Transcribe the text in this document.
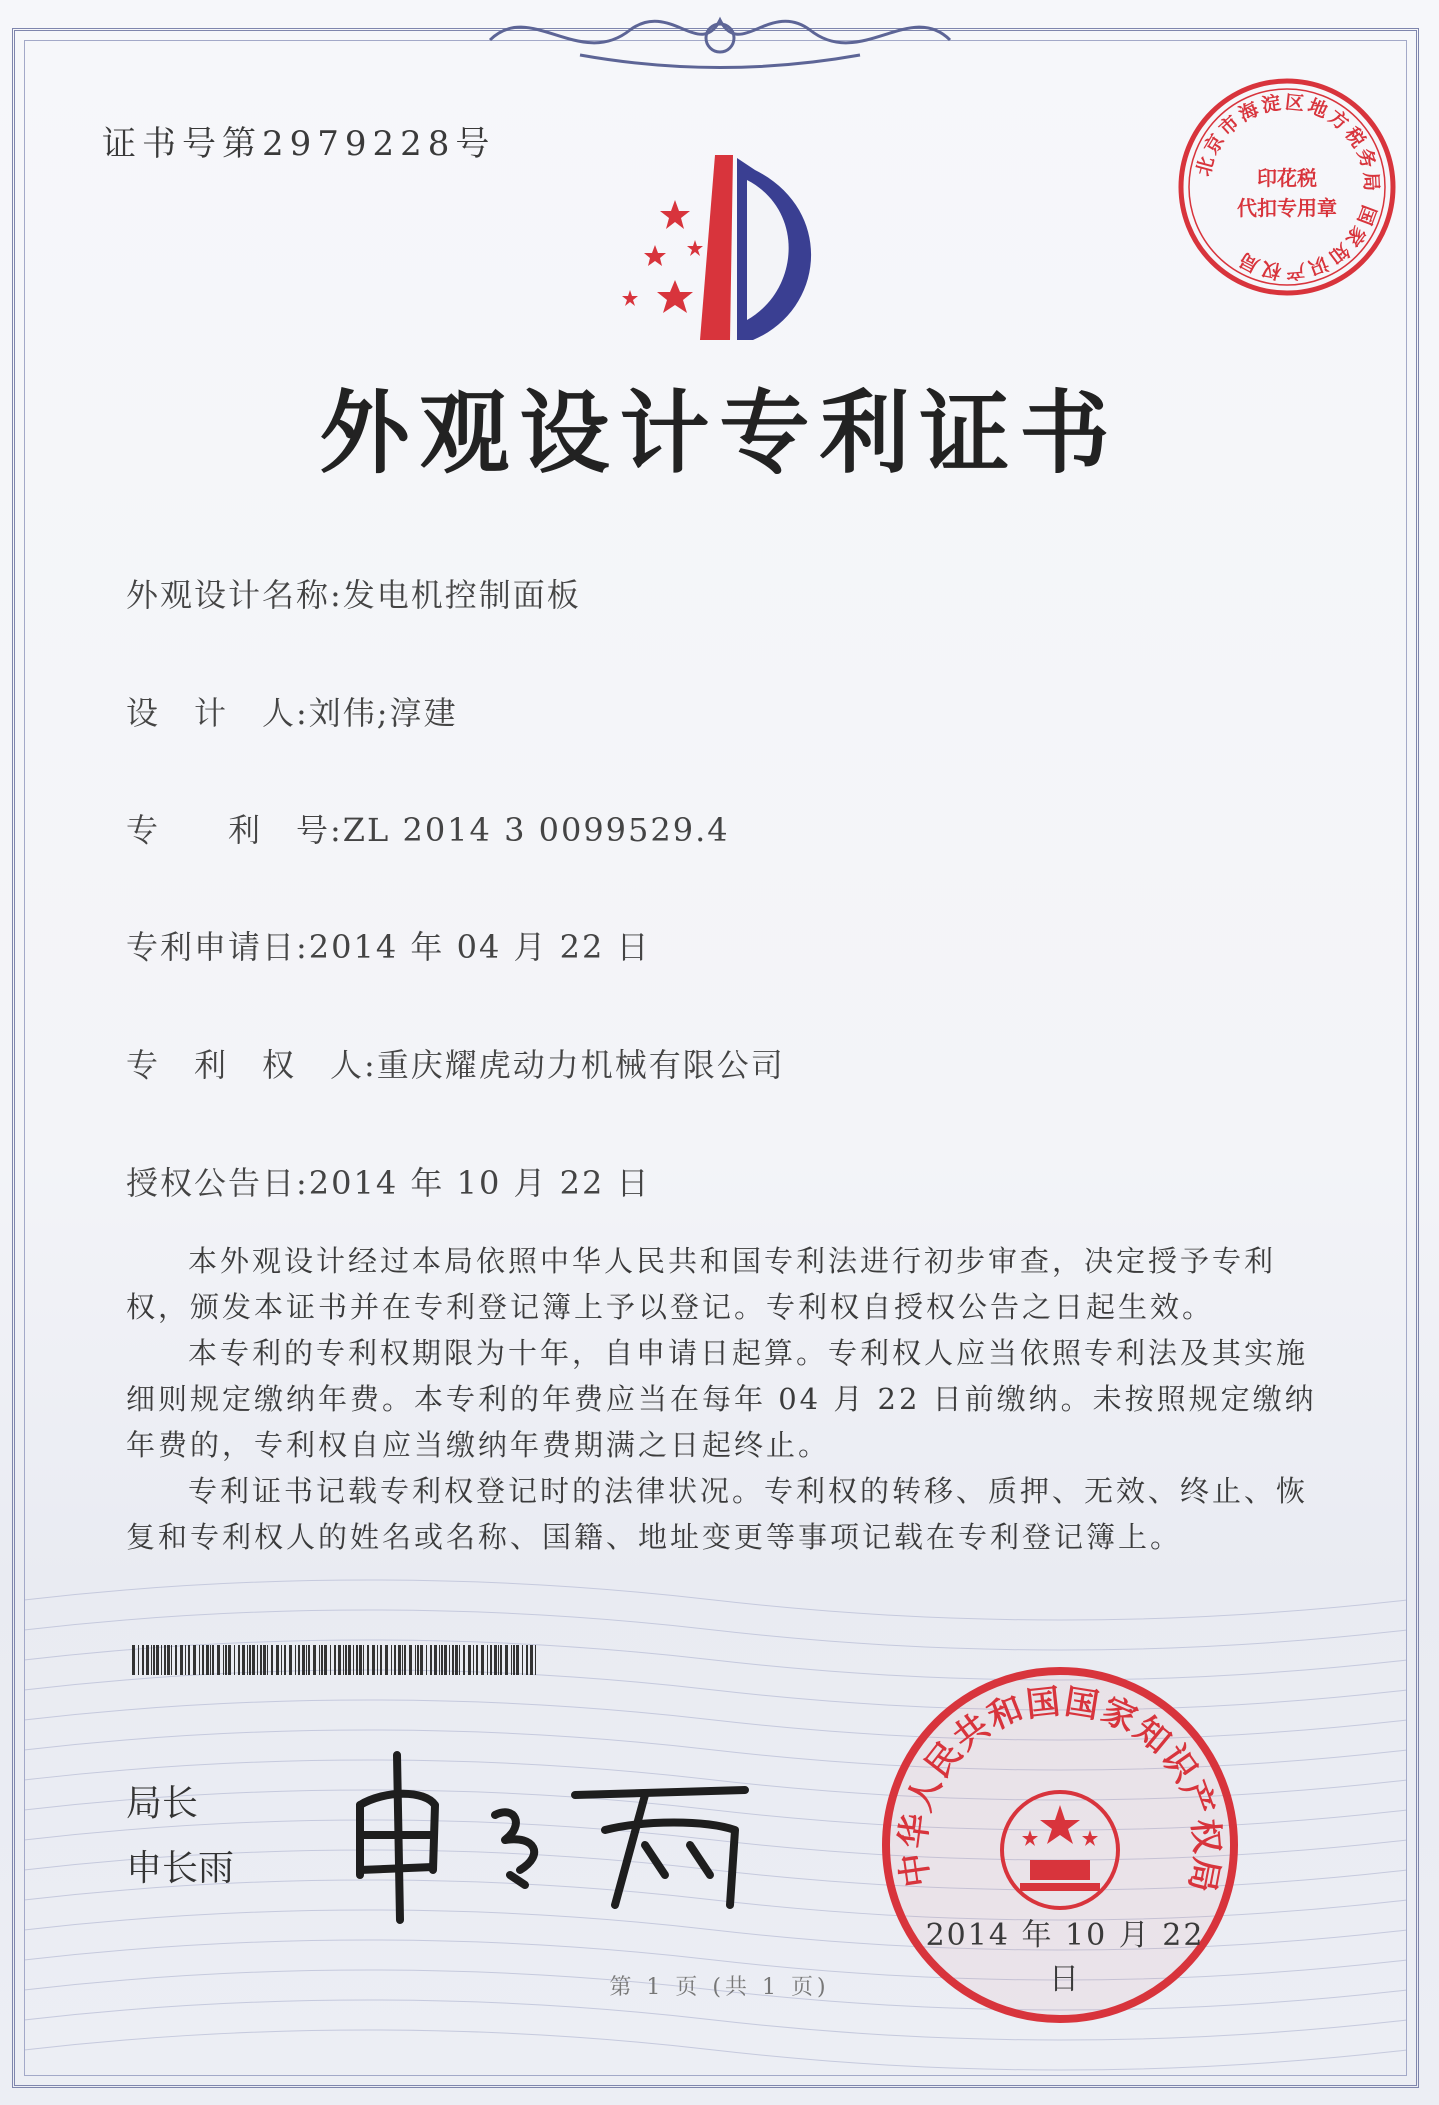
证书号第2979228号
北京市海淀区地方税务局 国家知识产权局
印花税
代扣专用章
外观设计专利证书
外观设计名称:发电机控制面板
设　计　人:刘伟;淳建
专　　利　号:ZL 2014 3 0099529.4
专利申请日:2014 年 04 月 22 日
专　利　权　人:重庆耀虎动力机械有限公司
授权公告日:2014 年 10 月 22 日

本外观设计经过本局依照中华人民共和国专利法进行初步审查，决定授予专利权，颁发本证书并在专利登记簿上予以登记。专利权自授权公告之日起生效。

本专利的专利权期限为十年，自申请日起算。专利权人应当依照专利法及其实施细则规定缴纳年费。本专利的年费应当在每年 04 月 22 日前缴纳。未按照规定缴纳年费的，专利权自应当缴纳年费期满之日起终止。

专利证书记载专利权登记时的法律状况。专利权的转移、质押、无效、终止、恢复和专利权人的姓名或名称、国籍、地址变更等事项记载在专利登记簿上。

局长
申长雨	中华人民共和国国家知识产权局
2014 年 10 月 22 日
第 1 页 (共 1 页)
